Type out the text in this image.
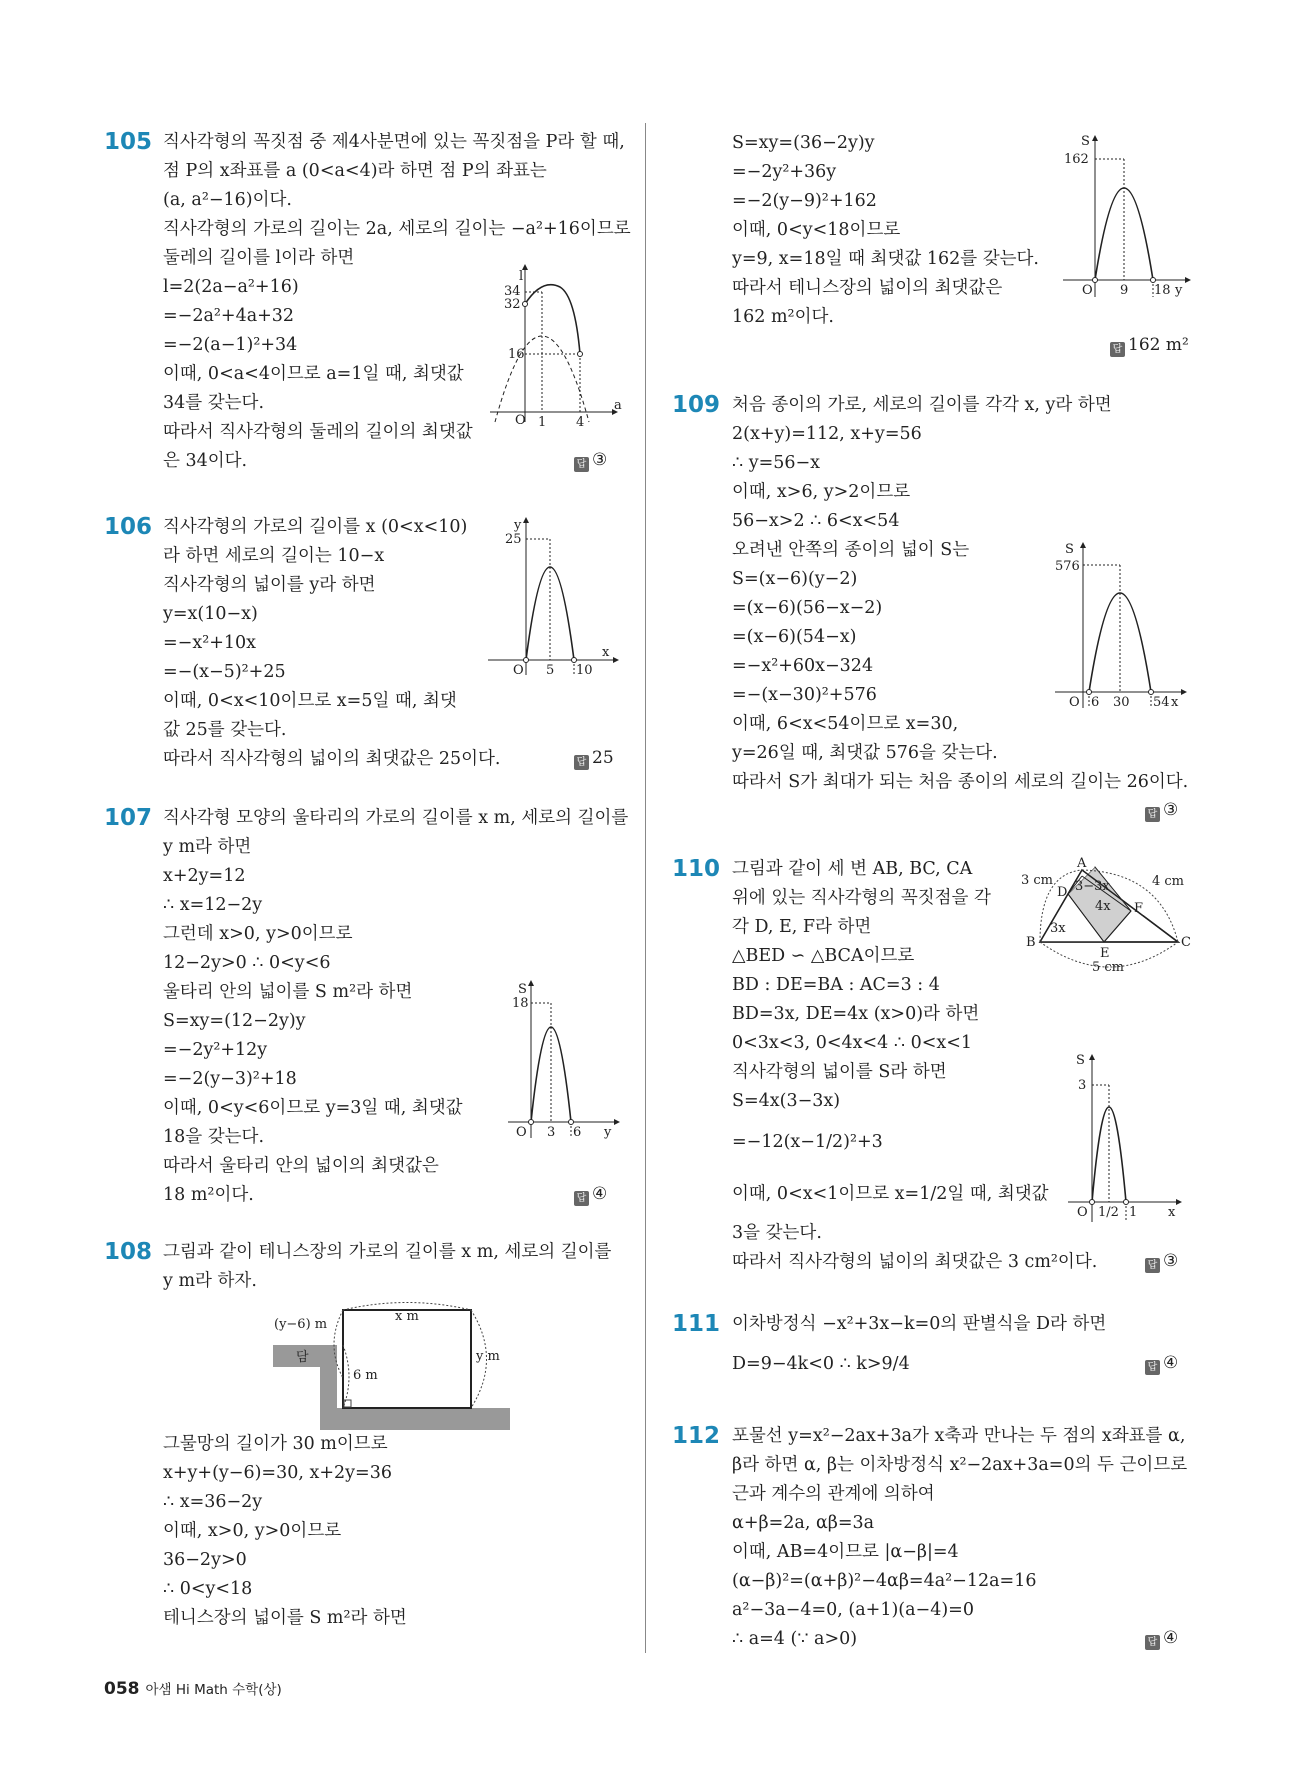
105 직사각형의 꼭짓점 중 제4사분면에 있는 꼭짓점을 P라 할 때,
점 P의 x좌표를 a (0<a<4)라 하면 점 P의 좌표는
(a, a²−16)이다.
직사각형의 가로의 길이는 2a, 세로의 길이는 −a²+16이므로
둘레의 길이를 l이라 하면
l=2(2a−a²+16)
=−2a²+4a+32
=−2(a−1)²+34
이때, 0<a<4이므로 a=1일 때, 최댓값
34를 갖는다.
따라서 직사각형의 둘레의 길이의 최댓값
은 34이다.	답 ③
l
a
O
34
32
16
1 4
106 직사각형의 가로의 길이를 x (0<x<10)
라 하면 세로의 길이는 10−x
직사각형의 넓이를 y라 하면
y=x(10−x)
=−x²+10x
=−(x−5)²+25
이때, 0<x<10이므로 x=5일 때, 최댓
값 25를 갖는다.
따라서 직사각형의 넓이의 최댓값은 25이다.	답 25
y
x
O
25
5 10
107 직사각형 모양의 울타리의 가로의 길이를 x m, 세로의 길이를
y m라 하면
x+2y=12
∴ x=12−2y
그런데 x>0, y>0이므로
12−2y>0 ∴ 0<y<6
울타리 안의 넓이를 S m²라 하면
S=xy=(12−2y)y
=−2y²+12y
=−2(y−3)²+18
이때, 0<y<6이므로 y=3일 때, 최댓값
18을 갖는다.
따라서 울타리 안의 넓이의 최댓값은
18 m²이다.	답 ④
S
y
O
18
3 6
108 그림과 같이 테니스장의 가로의 길이를 x m, 세로의 길이를
y m라 하자.
x m
(y−6) m
y m
담
6 m
그물망의 길이가 30 m이므로
x+y+(y−6)=30, x+2y=36
∴ x=36−2y
이때, x>0, y>0이므로
36−2y>0
∴ 0<y<18
테니스장의 넓이를 S m²라 하면
S=xy=(36−2y)y
=−2y²+36y
=−2(y−9)²+162
이때, 0<y<18이므로
y=9, x=18일 때 최댓값 162를 갖는다.
따라서 테니스장의 넓이의 최댓값은
162 m²이다.
답 162 m²
S
y
O
162
9 18
109 처음 종이의 가로, 세로의 길이를 각각 x, y라 하면
2(x+y)=112, x+y=56
∴ y=56−x
이때, x>6, y>2이므로
56−x>2 ∴ 6<x<54
오려낸 안쪽의 종이의 넓이 S는
S=(x−6)(y−2)
=(x−6)(56−x−2)
=(x−6)(54−x)
=−x²+60x−324
=−(x−30)²+576
이때, 6<x<54이므로 x=30,
y=26일 때, 최댓값 576을 갖는다.
따라서 S가 최대가 되는 처음 종이의 세로의 길이는 26이다.
답 ③
S
x
O
576
6 30 54
110 그림과 같이 세 변 AB, BC, CA
위에 있는 직사각형의 꼭짓점을 각
각 D, E, F라 하면
△BED ∽ △BCA이므로
BD : DE=BA : AC=3 : 4
BD=3x, DE=4x (x>0)라 하면
0<3x<3, 0<4x<4 ∴ 0<x<1
직사각형의 넓이를 S라 하면
S=4x(3−3x)
=−12(x−1/2)²+3
이때, 0<x<1이므로 x=1/2일 때, 최댓값
3을 갖는다.
따라서 직사각형의 넓이의 최댓값은 3 cm²이다.	답 ③
A
B	C
D
E
F
3 cm	4 cm
5 cm
3−3x
4x
3x
S
x
O
3
1/2 1
111 이차방정식 −x²+3x−k=0의 판별식을 D라 하면
D=9−4k<0 ∴ k>9/4	답 ④
112 포물선 y=x²−2ax+3a가 x축과 만나는 두 점의 x좌표를 α,
β라 하면 α, β는 이차방정식 x²−2ax+3a=0의 두 근이므로
근과 계수의 관계에 의하여
α+β=2a, αβ=3a
이때, AB=4이므로 |α−β|=4
(α−β)²=(α+β)²−4αβ=4a²−12a=16
a²−3a−4=0, (a+1)(a−4)=0
∴ a=4 (∵ a>0)	답 ④
058 아샘 Hi Math 수학(상)
